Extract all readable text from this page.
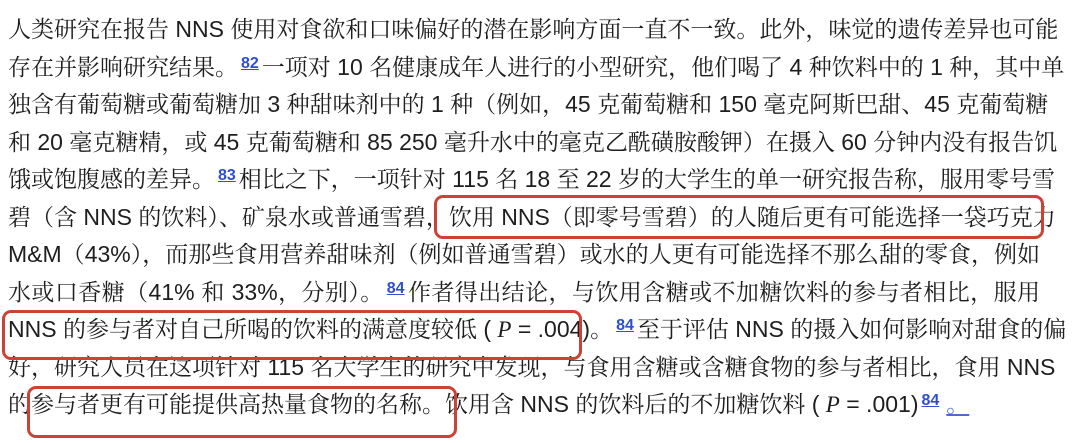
人类研究在报告 NNS 使用对食欲和口味偏好的潜在影响方面一直不一致。此外，味觉的遗传差异也可能
存在并影响研究结果。 $^{82}$ 一项对 10 名健康成年人进行的小型研究，他们喝了 4 种饮料中的 1 种，其中单
独含有葡萄糖或葡萄糖加 3 种甜味剂中的 1 种（例如，45 克葡萄糖和 150 毫克阿斯巴甜、45 克葡萄糖
和 20 毫克糖精，或 45 克葡萄糖和 85 250 毫升水中的毫克乙酰磺胺酸钾）在摄入 60 分钟内没有报告饥
饿或饱腹感的差异。 $^{83}$ 相比之下，一项针对 115 名 18 至 22 岁的大学生的单一研究报告称，服用零号雪
碧（含 NNS 的饮料）、矿泉水或普通雪碧，饮用 NNS（即零号雪碧）的人随后更有可能选择一袋巧克力
M&M（43%），而那些食用营养甜味剂（例如普通雪碧）或水的人更有可能选择不那么甜的零食，例如
水或口香糖（41% 和 33%，分别）。 $^{84}$ 作者得出结论，与饮用含糖或不加糖饮料的参与者相比，服用
NNS 的参与者对自己所喝的饮料的满意度较低 ( P = .004)。 $^{84}$ 至于评估 NNS 的摄入如何影响对甜食的偏
好，研究人员在这项针对 115 名大学生的研究中发现，与食用含糖或含糖食物的参与者相比，食用 NNS
的参与者更有可能提供高热量食物的名称。饮用含 NNS 的饮料后的不加糖饮料 ( P = .001) $^{84}$ 。
